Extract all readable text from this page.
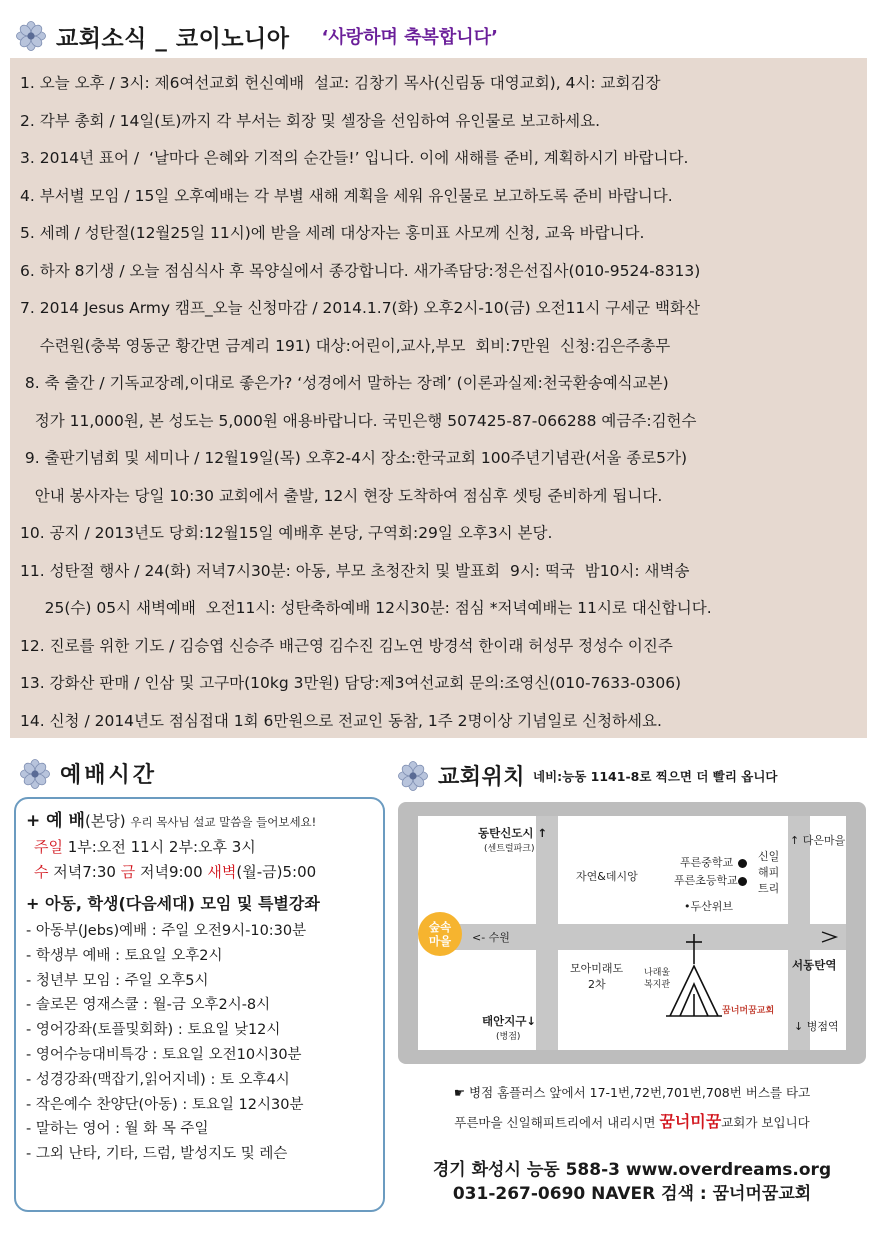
교회소식 _ 코이노니아 ‘사랑하며 축복합니다’
1. 오늘 오후 / 3시: 제6여선교회 헌신예배  설교: 김창기 목사(신림동 대영교회), 4시: 교회김장
2. 각부 총회 / 14일(토)까지 각 부서는 회장 및 셀장을 선임하여 유인물로 보고하세요.
3. 2014년 표어 /  ‘날마다 은혜와 기적의 순간들!’ 입니다. 이에 새해를 준비, 계획하시기 바랍니다.
4. 부서별 모임 / 15일 오후예배는 각 부별 새해 계획을 세워 유인물로 보고하도록 준비 바랍니다.
5. 세례 / 성탄절(12월25일 11시)에 받을 세례 대상자는 홍미표 사모께 신청, 교육 바랍니다.
6. 하자 8기생 / 오늘 점심식사 후 목양실에서 종강합니다. 새가족담당:정은선집사(010-9524-8313)
7. 2014 Jesus Army 캠프_오늘 신청마감 / 2014.1.7(화) 오후2시-10(금) 오전11시 구세군 백화산
수련원(충북 영동군 황간면 금계리 191) 대상:어린이,교사,부모  회비:7만원  신청:김은주총무
8. 축 출간 / 기독교장례,이대로 좋은가? ‘성경에서 말하는 장례’ (이론과실제:천국환송예식교본)
정가 11,000원, 본 성도는 5,000원 애용바랍니다. 국민은행 507425-87-066288 예금주:김헌수
9. 출판기념회 및 세미나 / 12월19일(목) 오후2-4시 장소:한국교회 100주년기념관(서울 종로5가)
안내 봉사자는 당일 10:30 교회에서 출발, 12시 현장 도착하여 점심후 셋팅 준비하게 됩니다.
10. 공지 / 2013년도 당회:12월15일 예배후 본당, 구역회:29일 오후3시 본당.
11. 성탄절 행사 / 24(화) 저녁7시30분: 아동, 부모 초청잔치 및 발표회  9시: 떡국  밤10시: 새벽송
25(수) 05시 새벽예배  오전11시: 성탄축하예배 12시30분: 점심 *저녁예배는 11시로 대신합니다.
12. 진로를 위한 기도 / 김승엽 신승주 배근영 김수진 김노연 방경석 한이래 허성무 정성수 이진주
13. 강화산 판매 / 인삼 및 고구마(10kg 3만원) 담당:제3여선교회 문의:조영신(010-7633-0306)
14. 신청 / 2014년도 점심접대 1회 6만원으로 전교인 동참, 1주 2명이상 기념일로 신청하세요.
예배시간
+ 예 배(본당) 우리 목사님 설교 말씀을 들어보세요!
주일 1부:오전 11시 2부:오후 3시
수 저녁7:30 금 저녁9:00 새벽(월-금)5:00
+ 아동, 학생(다음세대) 모임 및 특별강좌
- 아동부(Jebs)예배 : 주일 오전9시-10:30분
- 학생부 예배 : 토요일 오후2시
- 청년부 모임 : 주일 오후5시
- 솔로몬 영재스쿨 : 월-금 오후2시-8시
- 영어강좌(토플및회화) : 토요일 낮12시
- 영어수능대비특강 : 토요일 오전10시30분
- 성경강좌(맥잡기,읽어지네) : 토 오후4시
- 작은예수 찬양단(아동) : 토요일 12시30분
- 말하는 영어 : 월 화 목 주일
- 그외 난타, 기타, 드럼, 발성지도 및 레슨
교회위치 네비:능동 1141-8로 찍으면 더 빨리 옵니다
동탄신도시 ↑
(센트럴파크)
자연&데시앙
푸른중학교
푸른초등학교
•두산위브
신일
해피
트리
↑ 다은마을
숲속
마을 <- 수원
서동탄역
모아미래도
2차
나래울
복지관
꿈너머꿈교회
태안지구↓
(병점)
↓ 병점역
☛ 병점 홈플러스 앞에서 17-1번,72번,701번,708번 버스를 타고
푸른마을 신일해피트리에서 내리시면 꿈너미꿈교회가 보입니다
경기 화성시 능동 588-3 www.overdreams.org
031-267-0690 NAVER 검색 : 꿈너머꿈교회
